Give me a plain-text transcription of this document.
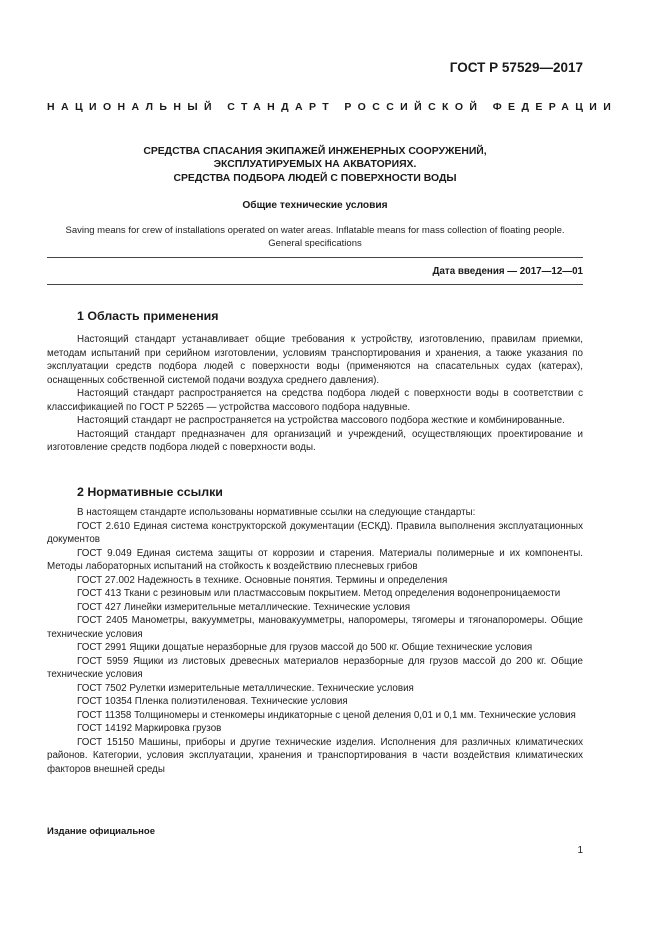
ГОСТ Р 57529—2017
НАЦИОНАЛЬНЫЙ СТАНДАРТ РОССИЙСКОЙ ФЕДЕРАЦИИ
СРЕДСТВА СПАСАНИЯ ЭКИПАЖЕЙ ИНЖЕНЕРНЫХ СООРУЖЕНИЙ,
ЭКСПЛУАТИРУЕМЫХ НА АКВАТОРИЯХ.
СРЕДСТВА ПОДБОРА ЛЮДЕЙ С ПОВЕРХНОСТИ ВОДЫ
Общие технические условия
Saving means for crew of installations operated on water areas. Inflatable means for mass collection of floating people.
General specifications
Дата введения — 2017—12—01
1 Область применения

Настоящий стандарт устанавливает общие требования к устройству, изготовлению, правилам приемки, методам испытаний при серийном изготовлении, условиям транспортирования и хранения, а также указания по эксплуатации средств подбора людей с поверхности воды (применяются на спасательных судах (катерах), оснащенных собственной системой подачи воздуха среднего давления).

Настоящий стандарт распространяется на средства подбора людей с поверхности воды в соответствии с классификацией по ГОСТ Р 52265 — устройства массового подбора надувные.

Настоящий стандарт не распространяется на устройства массового подбора жесткие и комбинированные.

Настоящий стандарт предназначен для организаций и учреждений, осуществляющих проектирование и изготовление средств подбора людей с поверхности воды.

2 Нормативные ссылки

В настоящем стандарте использованы нормативные ссылки на следующие стандарты:

ГОСТ 2.610 Единая система конструкторской документации (ЕСКД). Правила выполнения эксплуатационных документов

ГОСТ 9.049 Единая система защиты от коррозии и старения. Материалы полимерные и их компоненты. Методы лабораторных испытаний на стойкость к воздействию плесневых грибов

ГОСТ 27.002 Надежность в технике. Основные понятия. Термины и определения

ГОСТ 413 Ткани с резиновым или пластмассовым покрытием. Метод определения водонепроницаемости

ГОСТ 427 Линейки измерительные металлические. Технические условия

ГОСТ 2405 Манометры, вакуумметры, мановакуумметры, напоромеры, тягомеры и тягонапоромеры. Общие технические условия

ГОСТ 2991 Ящики дощатые неразборные для грузов массой до 500 кг. Общие технические условия

ГОСТ 5959 Ящики из листовых древесных материалов неразборные для грузов массой до 200 кг. Общие технические условия

ГОСТ 7502 Рулетки измерительные металлические. Технические условия

ГОСТ 10354 Пленка полиэтиленовая. Технические условия

ГОСТ 11358 Толщиномеры и стенкомеры индикаторные с ценой деления 0,01 и 0,1 мм. Технические условия

ГОСТ 14192 Маркировка грузов

ГОСТ 15150 Машины, приборы и другие технические изделия. Исполнения для различных климатических районов. Категории, условия эксплуатации, хранения и транспортирования в части воздействия климатических факторов внешней среды

Издание официальное
1
